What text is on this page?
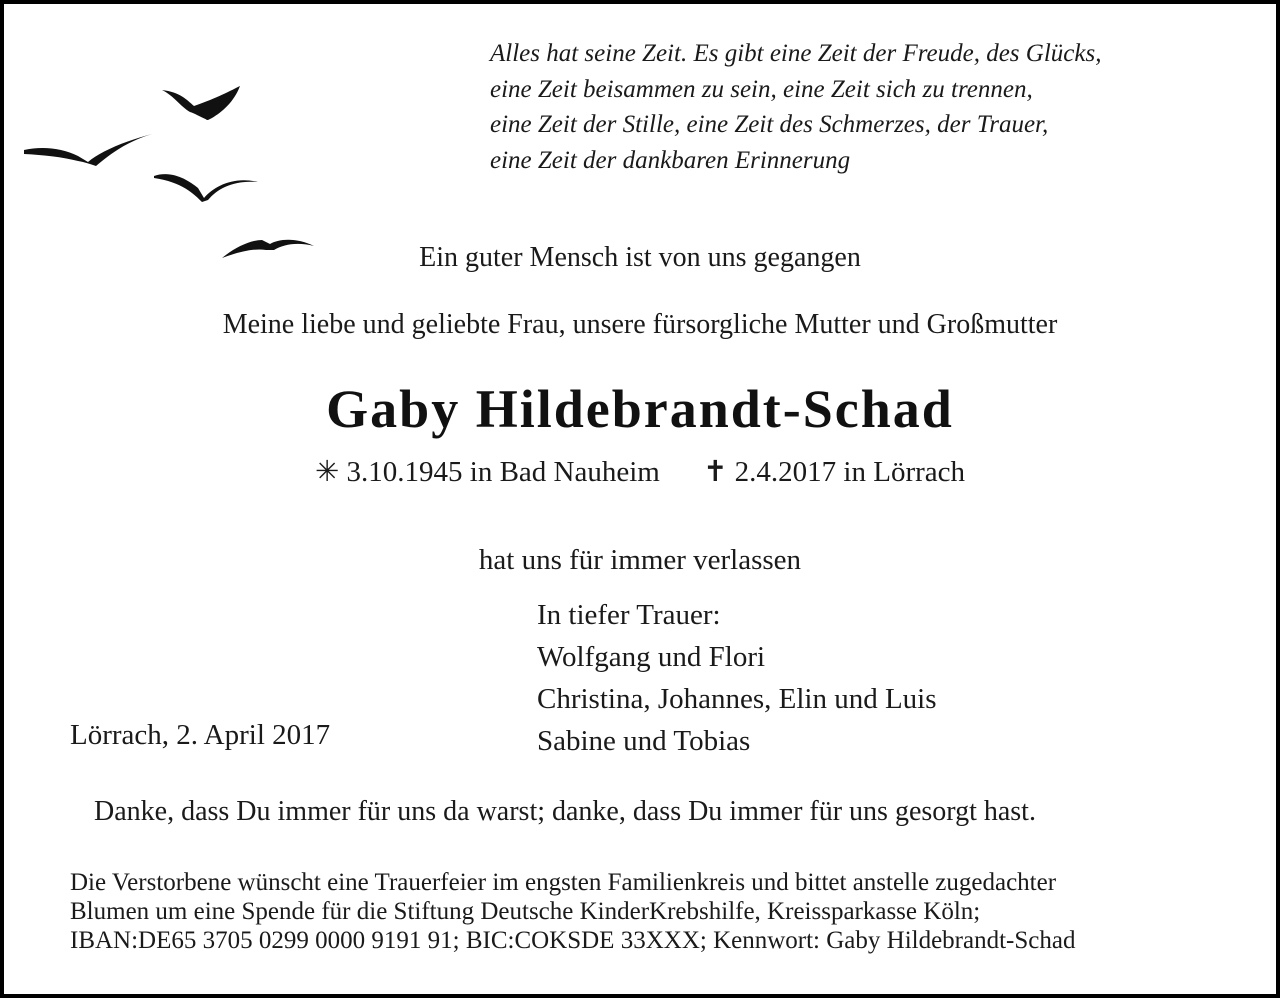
Alles hat seine Zeit. Es gibt eine Zeit der Freude, des Glücks,
eine Zeit beisammen zu sein, eine Zeit sich zu trennen,
eine Zeit der Stille, eine Zeit des Schmerzes, der Trauer,
eine Zeit der dankbaren Erinnerung
Ein guter Mensch ist von uns gegangen
Meine liebe und geliebte Frau, unsere fürsorgliche Mutter und Großmutter
Gaby Hildebrandt-Schad
✳ 3.10.1945 in Bad Nauheim ✝ 2.4.2017 in Lörrach
hat uns für immer verlassen
In tiefer Trauer:
Wolfgang und Flori
Christina, Johannes, Elin und Luis
Sabine und Tobias
Lörrach, 2. April 2017
Danke, dass Du immer für uns da warst; danke, dass Du immer für uns gesorgt hast.
Die Verstorbene wünscht eine Trauerfeier im engsten Familienkreis und bittet anstelle zugedachter
Blumen um eine Spende für die Stiftung Deutsche KinderKrebshilfe, Kreissparkasse Köln;
IBAN:DE65 3705 0299 0000 9191 91; BIC:COKSDE 33XXX; Kennwort: Gaby Hildebrandt-Schad
